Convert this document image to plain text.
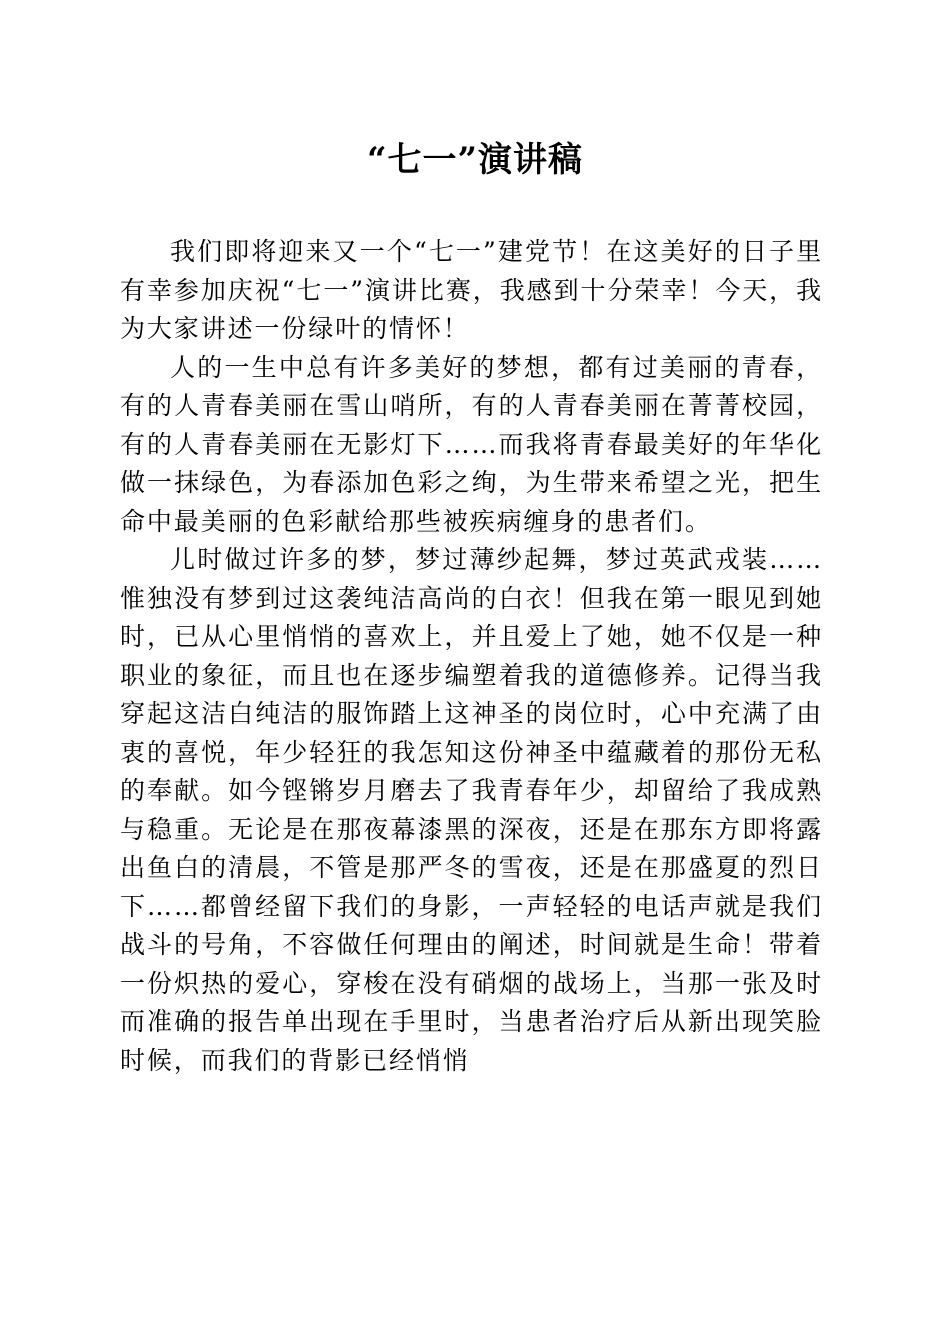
“七一”演讲稿

我们即将迎来又一个“七一”建党节！在这美好的日子里有幸参加庆祝“七一”演讲比赛，我感到十分荣幸！今天，我为大家讲述一份绿叶的情怀！

人的一生中总有许多美好的梦想，都有过美丽的青春，有的人青春美丽在雪山哨所，有的人青春美丽在菁菁校园，有的人青春美丽在无影灯下……而我将青春最美好的年华化做一抹绿色，为春添加色彩之绚，为生带来希望之光，把生命中最美丽的色彩献给那些被疾病缠身的患者们。

儿时做过许多的梦，梦过薄纱起舞，梦过英武戎装……惟独没有梦到过这袭纯洁高尚的白衣！但我在第一眼见到她时，已从心里悄悄的喜欢上，并且爱上了她，她不仅是一种职业的象征，而且也在逐步编塑着我的道德修养。记得当我穿起这洁白纯洁的服饰踏上这神圣的岗位时，心中充满了由衷的喜悦，年少轻狂的我怎知这份神圣中蕴藏着的那份无私的奉献。如今铿锵岁月磨去了我青春年少，却留给了我成熟与稳重。无论是在那夜幕漆黑的深夜，还是在那东方即将露出鱼白的清晨，不管是那严冬的雪夜，还是在那盛夏的烈日下……都曾经留下我们的身影，一声轻轻的电话声就是我们战斗的号角，不容做任何理由的阐述，时间就是生命！带着一份炽热的爱心，穿梭在没有硝烟的战场上，当那一张及时而准确的报告单出现在手里时，当患者治疗后从新出现笑脸时候，而我们的背影已经悄悄
